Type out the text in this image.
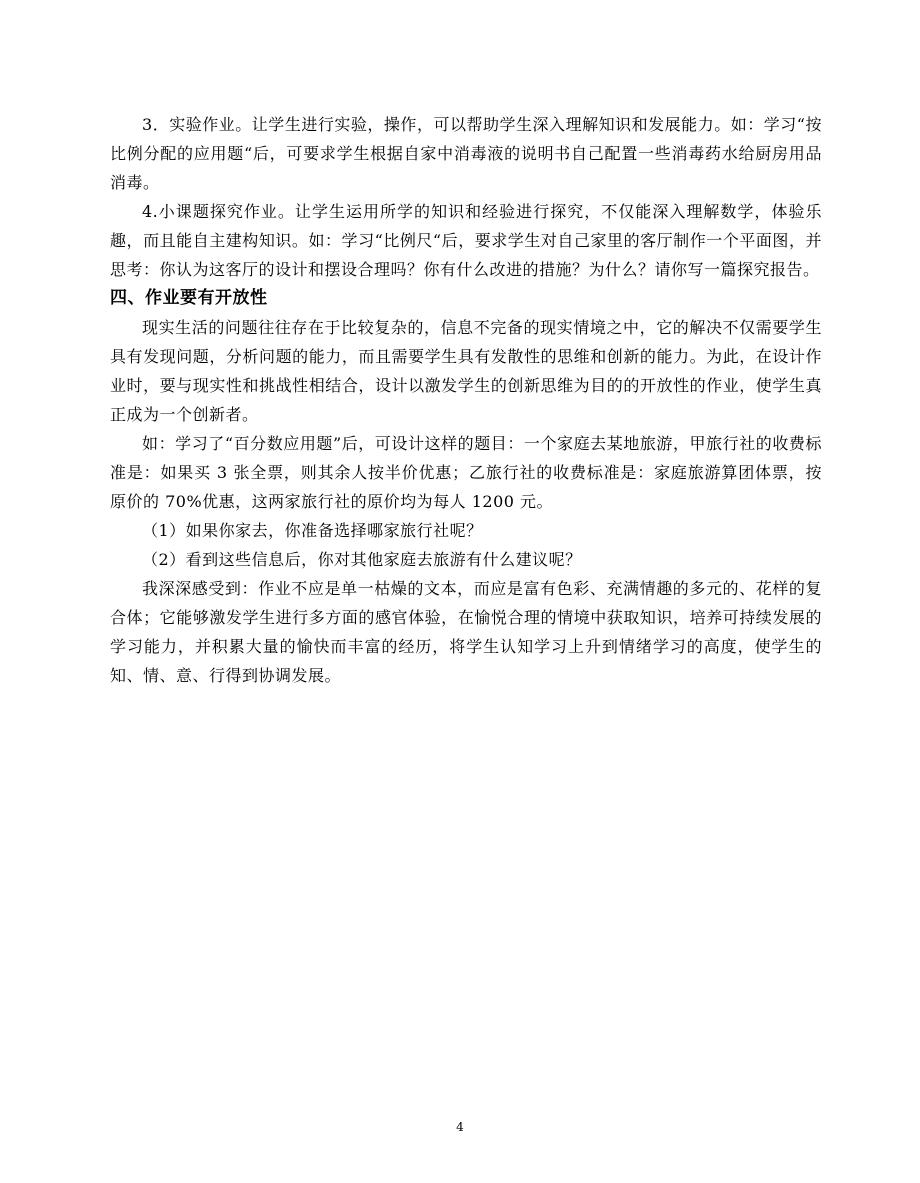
3．实验作业。让学生进行实验，操作，可以帮助学生深入理解知识和发展能力。如：学习“按比例分配的应用题“后，可要求学生根据自家中消毒液的说明书自己配置一些消毒药水给厨房用品消毒。

4.小课题探究作业。让学生运用所学的知识和经验进行探究，不仅能深入理解数学，体验乐趣，而且能自主建构知识。如：学习“比例尺“后，要求学生对自己家里的客厅制作一个平面图，并思考：你认为这客厅的设计和摆设合理吗？你有什么改进的措施？为什么？请你写一篇探究报告。

四、作业要有开放性

现实生活的问题往往存在于比较复杂的，信息不完备的现实情境之中，它的解决不仅需要学生具有发现问题，分析问题的能力，而且需要学生具有发散性的思维和创新的能力。为此，在设计作业时，要与现实性和挑战性相结合，设计以激发学生的创新思维为目的的开放性的作业，使学生真正成为一个创新者。

如：学习了“百分数应用题”后，可设计这样的题目：一个家庭去某地旅游，甲旅行社的收费标准是：如果买 3 张全票，则其余人按半价优惠；乙旅行社的收费标准是：家庭旅游算团体票，按原价的 70%优惠，这两家旅行社的原价均为每人 1200 元。

（1）如果你家去，你准备选择哪家旅行社呢？

（2）看到这些信息后，你对其他家庭去旅游有什么建议呢？

我深深感受到：作业不应是单一枯燥的文本，而应是富有色彩、充满情趣的多元的、花样的复合体；它能够激发学生进行多方面的感官体验，在愉悦合理的情境中获取知识，培养可持续发展的学习能力，并积累大量的愉快而丰富的经历，将学生认知学习上升到情绪学习的高度，使学生的知、情、意、行得到协调发展。

4
